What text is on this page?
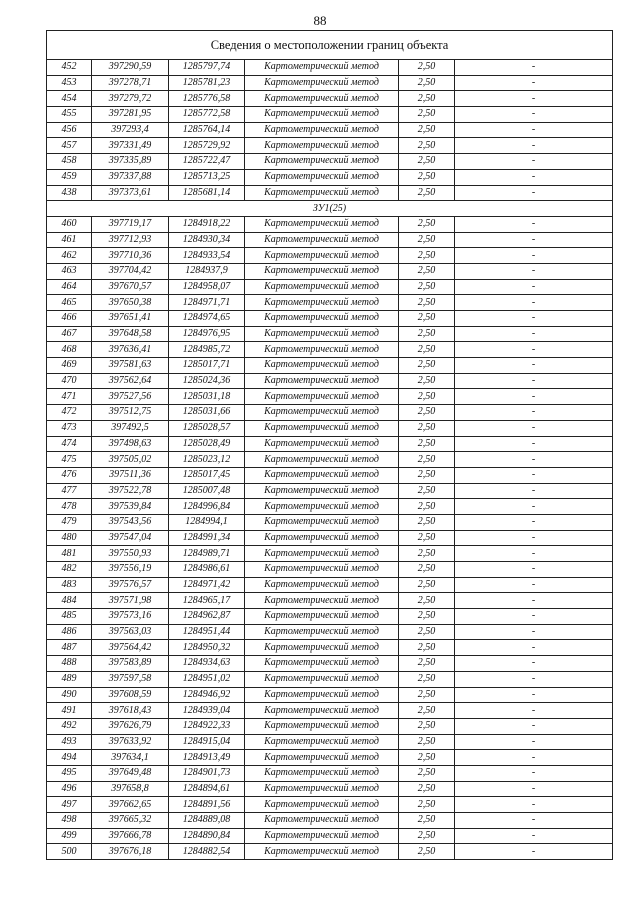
88
Сведения о местоположении границ объекта					
452	397290,59	1285797,74	Картометрический метод	2,50	-
453	397278,71	1285781,23	Картометрический метод	2,50	-
454	397279,72	1285776,58	Картометрический метод	2,50	-
455	397281,95	1285772,58	Картометрический метод	2,50	-
456	397293,4	1285764,14	Картометрический метод	2,50	-
457	397331,49	1285729,92	Картометрический метод	2,50	-
458	397335,89	1285722,47	Картометрический метод	2,50	-
459	397337,88	1285713,25	Картометрический метод	2,50	-
438	397373,61	1285681,14	Картометрический метод	2,50	-
ЗУ1(25)					
460	397719,17	1284918,22	Картометрический метод	2,50	-
461	397712,93	1284930,34	Картометрический метод	2,50	-
462	397710,36	1284933,54	Картометрический метод	2,50	-
463	397704,42	1284937,9	Картометрический метод	2,50	-
464	397670,57	1284958,07	Картометрический метод	2,50	-
465	397650,38	1284971,71	Картометрический метод	2,50	-
466	397651,41	1284974,65	Картометрический метод	2,50	-
467	397648,58	1284976,95	Картометрический метод	2,50	-
468	397636,41	1284985,72	Картометрический метод	2,50	-
469	397581,63	1285017,71	Картометрический метод	2,50	-
470	397562,64	1285024,36	Картометрический метод	2,50	-
471	397527,56	1285031,18	Картометрический метод	2,50	-
472	397512,75	1285031,66	Картометрический метод	2,50	-
473	397492,5	1285028,57	Картометрический метод	2,50	-
474	397498,63	1285028,49	Картометрический метод	2,50	-
475	397505,02	1285023,12	Картометрический метод	2,50	-
476	397511,36	1285017,45	Картометрический метод	2,50	-
477	397522,78	1285007,48	Картометрический метод	2,50	-
478	397539,84	1284996,84	Картометрический метод	2,50	-
479	397543,56	1284994,1	Картометрический метод	2,50	-
480	397547,04	1284991,34	Картометрический метод	2,50	-
481	397550,93	1284989,71	Картометрический метод	2,50	-
482	397556,19	1284986,61	Картометрический метод	2,50	-
483	397576,57	1284971,42	Картометрический метод	2,50	-
484	397571,98	1284965,17	Картометрический метод	2,50	-
485	397573,16	1284962,87	Картометрический метод	2,50	-
486	397563,03	1284951,44	Картометрический метод	2,50	-
487	397564,42	1284950,32	Картометрический метод	2,50	-
488	397583,89	1284934,63	Картометрический метод	2,50	-
489	397597,58	1284951,02	Картометрический метод	2,50	-
490	397608,59	1284946,92	Картометрический метод	2,50	-
491	397618,43	1284939,04	Картометрический метод	2,50	-
492	397626,79	1284922,33	Картометрический метод	2,50	-
493	397633,92	1284915,04	Картометрический метод	2,50	-
494	397634,1	1284913,49	Картометрический метод	2,50	-
495	397649,48	1284901,73	Картометрический метод	2,50	-
496	397658,8	1284894,61	Картометрический метод	2,50	-
497	397662,65	1284891,56	Картометрический метод	2,50	-
498	397665,32	1284889,08	Картометрический метод	2,50	-
499	397666,78	1284890,84	Картометрический метод	2,50	-
500	397676,18	1284882,54	Картометрический метод	2,50	-
